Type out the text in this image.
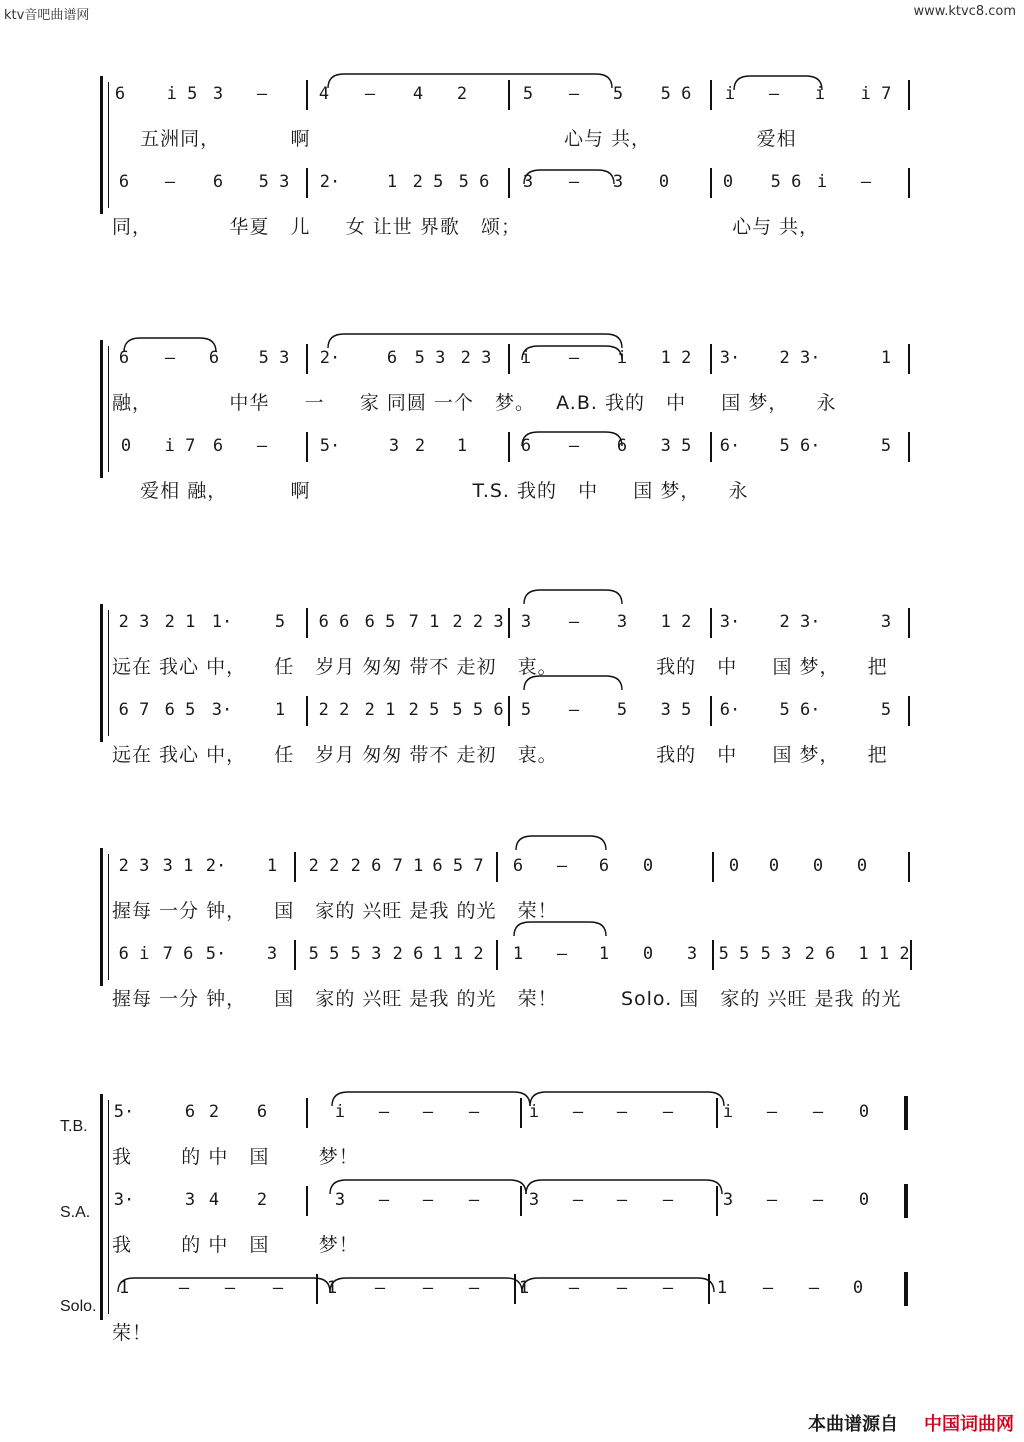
ktv音吧曲谱网	www.ktvc8.com
6 i 5 3 –	4 – 4 2	5 – 5 5 6 i – i i 7
五洲同，          啊                                    心与 共，               爱相
6 – 6 5 3 2·	1 2 5 5 6 3 – 3 0	0 5 6 i –
同，           华夏   儿     女 让世 界歌   颂；                              心与 共，
6 – 6 5 3 2·	6 5 3 2 3 i – i 1 2 3· 2 3·	1
融，           中华     一     家 同圆 一个   梦。   A.B. 我的   中     国 梦，    永
0 i 7 6 –	5·	3 2 1	6 – 6 3 5 6· 5 6·	5
爱相 融，         啊                       T.S. 我的   中     国 梦，    永
2 3 2 1 1·	5 6 6 6 5 7 1 2 2 3 3 – 3 1 2 3· 2 3·	3
远在 我心 中，    任   岁月 匆匆 带不 走初   衷。              我的   中     国 梦，    把
6 7 6 5 3·	1 2 2 2 1 2 5 5 5 6 5 – 5 3 5 6· 5 6·	5
远在 我心 中，    任   岁月 匆匆 带不 走初   衷。              我的   中     国 梦，    把
2 3 3 1 2· 1 2 2 2 6 7 1 6 5 7 6 – 6 0	0 0 0 0
握每 一分 钟，    国   家的 兴旺 是我 的光   荣！
6 i 7 6 5· 3 5 5 5 3 2 6 1 1 2 1 – 1 0 3 5 5 5 3 2 6 1 1 2
握每 一分 钟，    国   家的 兴旺 是我 的光   荣！         Solo. 国   家的 兴旺 是我 的光
5·	6 2 6	i – – –	i – – –	i – – 0
我       的 中   国       梦！
3·	3 4 2	3 – – –	3 – – –	3 – – 0
我       的 中   国       梦！
1	– – –	1 – – – 1 – – –	1 – – 0
荣！
T.B.
S.A.
Solo.
本曲谱源自 中国词曲网
